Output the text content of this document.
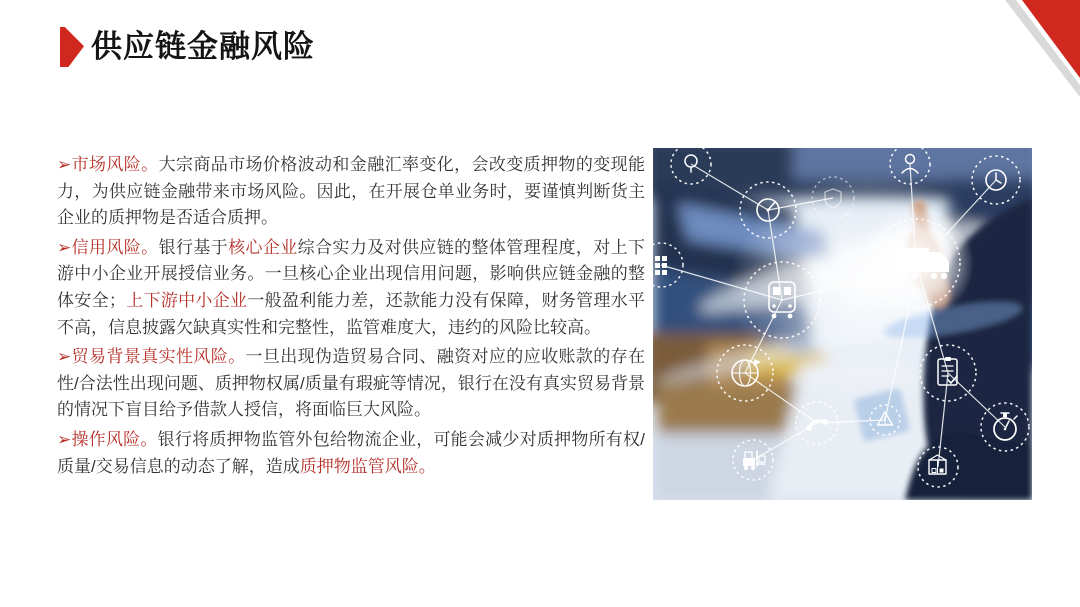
供应链金融风险

➢市场风险。大宗商品市场价格波动和金融汇率变化，会改变质押物的变现能力，为供应链金融带来市场风险。因此，在开展仓单业务时，要谨慎判断货主企业的质押物是否适合质押。

➢信用风险。银行基于核心企业综合实力及对供应链的整体管理程度，对上下游中小企业开展授信业务。一旦核心企业出现信用问题，影响供应链金融的整体安全；上下游中小企业一般盈利能力差，还款能力没有保障，财务管理水平不高，信息披露欠缺真实性和完整性，监管难度大，违约的风险比较高。

➢贸易背景真实性风险。一旦出现伪造贸易合同、融资对应的应收账款的存在性/合法性出现问题、质押物权属/质量有瑕疵等情况，银行在没有真实贸易背景的情况下盲目给予借款人授信，将面临巨大风险。

➢操作风险。银行将质押物监管外包给物流企业，可能会减少对质押物所有权/质量/交易信息的动态了解，造成质押物监管风险。
